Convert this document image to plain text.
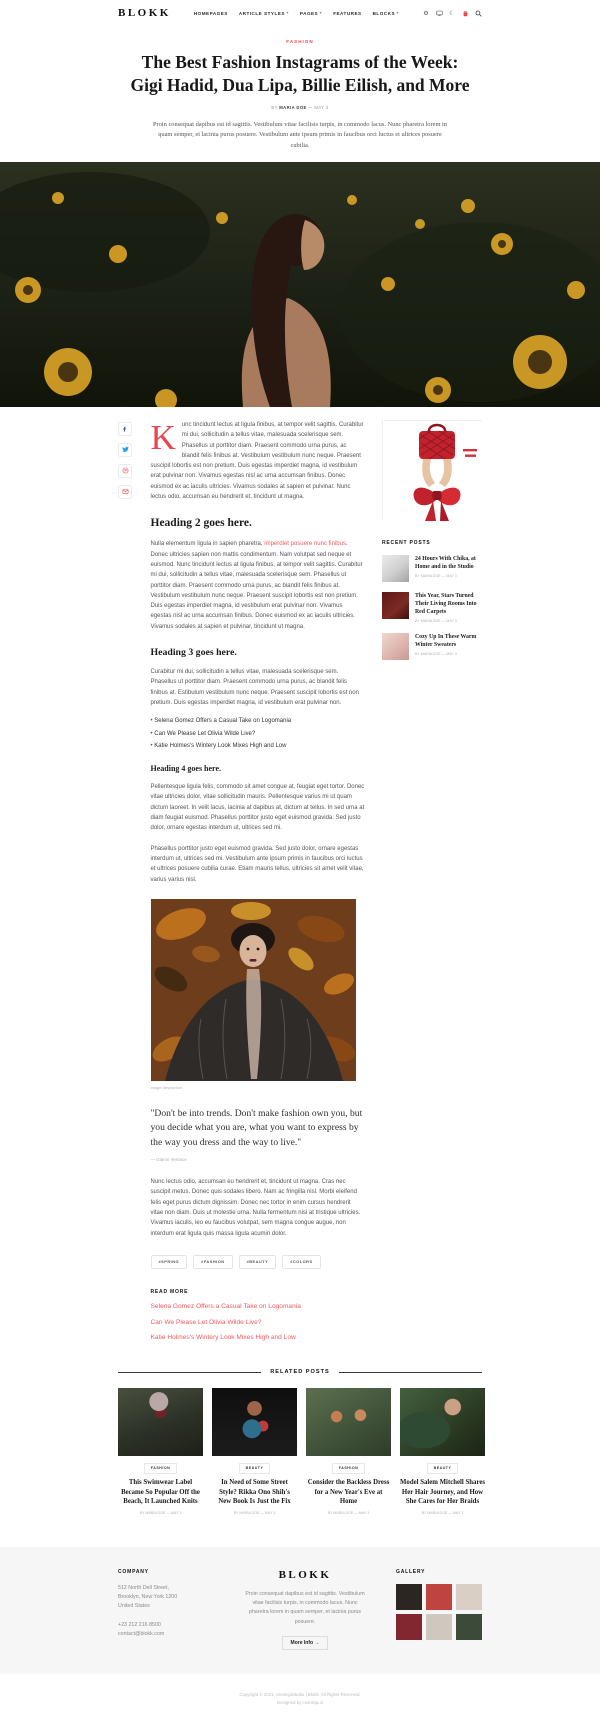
BLOKK	HOMEPAGES ARTICLE STYLES ▾ PAGES ▾ FEATURES BLOCKS ▾	⚙	☾
FASHION
The Best Fashion Instagrams of the Week: Gigi Hadid, Dua Lipa, Billie Eilish, and More
BY MARIA DOE — MAY 3

Proin consequat dapibus est id sagittis. Vestibulum vitae facilisis turpis, in commodo lacus. Nunc pharetra lorem in quam semper, et lacinia purus posuere. Vestibulum ante ipsum primis in faucibus orci luctus et ultrices posuere cubilia.

K	unc tincidunt lectus at ligula finibus, at tempor velit sagittis. Curabitur mi dui, sollicitudin a tellus vitae, malesuada scelerisque sem. Phasellus ut porttitor diam. Praesent commodo urna purus, ac blandit felis finibus at. Vestibulum vestibulum nunc neque. Praesent suscipit lobortis est non pretium. Duis egestas imperdiet magna, id vestibulum erat pulvinar non. Vivamus egestas nisl ac urna accumsan finibus. Donec euismod ex ac iaculis ultricies. Vivamus sodales at sapien et pulvinar. Nunc lectus odio, accumsan eu hendrerit et, tincidunt ut magna.

Heading 2 goes here.

Nulla elementum ligula in sapien pharetra, imperdiet posuere nunc finibus. Donec ultricies sapien non mattis condimentum. Nam volutpat sed neque et euismod. Nunc tincidunt lectus at ligula finibus, at tempor velit sagittis. Curabitur mi dui, sollicitudin a tellus vitae, malesuada scelerisque sem. Phasellus ut porttitor diam. Praesent commodo urna purus, ac blandit felis finibus at. Vestibulum vestibulum nunc neque. Praesent suscipit lobortis est non pretium. Duis egestas imperdiet magna, id vestibulum erat pulvinar non. Vivamus egestas nisl ac urna accumsan finibus. Donec euismod ex ac iaculis ultricies. Vivamus sodales at sapien et pulvinar, tincidunt ut magna.

Heading 3 goes here.

Curabitur mi dui, sollicitudin a tellus vitae, malesuada scelerisque sem. Phasellus ut porttitor diam. Praesent commodo urna purus, ac blandit felis finibus at. Estibulum vestibulum nunc neque. Praesent suscipit lobortis est non pretium. Duis egestas imperdiet magna, id vestibulum erat pulvinar non.

• Selena Gomez Offers a Casual Take on Logomania
• Can We Please Let Olivia Wilde Live?
• Katie Holmes's Wintery Look Mixes High and Low
Heading 4 goes here.

Pellentesque ligula felis, commodo sit amet congue at, feugiat eget tortor. Donec vitae ultricies dolor, vitae sollicitudin mauris. Pellentesque varius mi ut quam dictum laoreet. In velit lacus, lacinia at dapibus at, dictum at tellus. In sed urna at diam feugiat euismod. Phasellus porttitor justo eget euismod gravida. Sed justo dolor, ornare egestas interdum ut, ultrices sed mi.

Phasellus porttitor justo eget euismod gravida. Sed justo dolor, ornare egestas interdum ut, ultrices sed mi. Vestibulum ante ipsum primis in faucibus orci luctus et ultrices posuere cubilia curae. Etiam mauris tellus, ultricies sit amet velit vitae, varius varius nisl.

Image description
"Don't be into trends. Don't make fashion own you, but you decide what you are, what you want to express by the way you dress and the way to live."
— Gianni Versace

Nunc lectus odio, accumsan eu hendrerit et, tincidunt ut magna. Cras nec suscipit metus. Donec quis sodales libero. Nam ac fringilla nisl. Morbi eleifend felis eget purus dictum dignissim. Donec nec tortor in enim cursus hendrerit vitae non diam. Duis ut molestie urna. Nulla fermentum nisi at tristique ultricies. Vivamus iaculis, leo eu faucibus volutpat, sem magna congue augue, non interdum erat ligula quis massa ligula acumin dolor.

#SPRING	#FASHION	#BEAUTY	#COLORS
READ MORE
Selena Gomez Offers a Casual Take on Logomania
Can We Please Let Olivia Wilde Live?
Katie Holmes's Wintery Look Mixes High and Low
RECENT POSTS
24 Hours With Chika, at Home and in the Studio
BY MARIA DOE — MAY 3
This Year, Stars Turned Their Living Rooms Into Red Carpets
BY MARIA DOE — MAY 3
Cozy Up In These Warm Winter Sweaters
BY MARIA DOE — MAY 3
RELATED POSTS
FASHION
This Swimwear Label Became So Popular Off the Beach, It Launched Knits
BY MARIA DOE — MAY 3
BEAUTY
In Need of Some Street Style? Rikka Ono Shih's New Book Is Just the Fix
BY MARIA DOE — MAY 3
FASHION
Consider the Backless Dress for a New Year's Eve at Home
BY MARIA DOE — MAY 3
BEAUTY
Model Salem Mitchell Shares Her Hair Journey, and How She Cares for Her Braids
BY MARIA DOE — MAY 3
COMPANY
512 North Dell Street,
Brooklyn, New York 1200
United States
+23 212 216 8500
contact@blokk.com
BLOKK
Proin consequat dapibus est id sagittis. Vestibulum vitae facilisis turpis, in commodo lacus. Nunc pharetra lorem in quam semper, et lacinia purus posuere.
More Info →
GALLERY
Copyright © 2021, cssninjaStudio | Blokk. All Rights Reserved.
Designed by cssninja.io
